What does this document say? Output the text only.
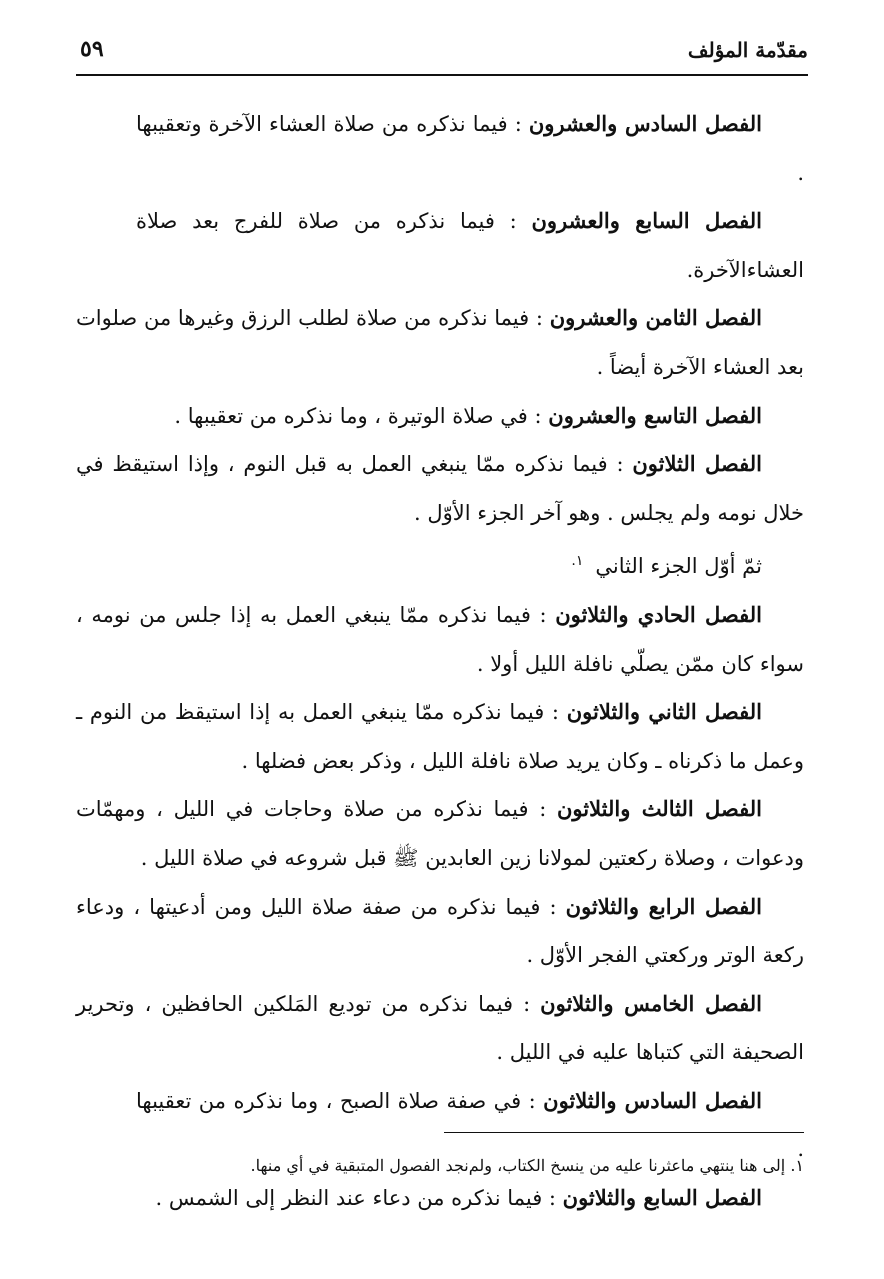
مقدّمة المؤلف
٥٩

الفصل السادس والعشرون : فيما نذكره من صلاة العشاء الآخرة وتعقيبها .

الفصل السابع والعشرون : فيما نذكره من صلاة للفرج بعد صلاة العشاءالآخرة.

الفصل الثامن والعشرون : فيما نذكره من صلاة لطلب الرزق وغيرها من صلوات بعد العشاء الآخرة أيضاً .

الفصل التاسع والعشرون : في صلاة الوتيرة ، وما نذكره من تعقيبها .

الفصل الثلاثون : فيما نذكره ممّا ينبغي العمل به قبل النوم ، وإذا استيقظ في خلال نومه ولم يجلس . وهو آخر الجزء الأوّل .

ثمّ أوّل الجزء الثاني$^{١.}$

الفصل الحادي والثلاثون : فيما نذكره ممّا ينبغي العمل به إذا جلس من نومه ، سواء كان ممّن يصلّي نافلة الليل أولا .

الفصل الثاني والثلاثون : فيما نذكره ممّا ينبغي العمل به إذا استيقظ من النوم ـ وعمل ما ذكرناه ـ وكان يريد صلاة نافلة الليل ، وذكر بعض فضلها .

الفصل الثالث والثلاثون : فيما نذكره من صلاة وحاجات في الليل ، ومهمّات ودعوات ، وصلاة ركعتين لمولانا زين العابدين ﷺ قبل شروعه في صلاة الليل .

الفصل الرابع والثلاثون : فيما نذكره من صفة صلاة الليل ومن أدعيتها ، ودعاء ركعة الوتر وركعتي الفجر الأوّل .

الفصل الخامس والثلاثون : فيما نذكره من توديع المَلكين الحافظين ، وتحرير الصحيفة التي كتباها عليه في الليل .

الفصل السادس والثلاثون : في صفة صلاة الصبح ، وما نذكره من تعقيبها .

الفصل السابع والثلاثون : فيما نذكره من دعاء عند النظر إلى الشمس .

١. إلى هنا ينتهي ماعثرنا عليه من ينسخ الكتاب، ولم‌نجد الفصول المتبقية في أي منها.
